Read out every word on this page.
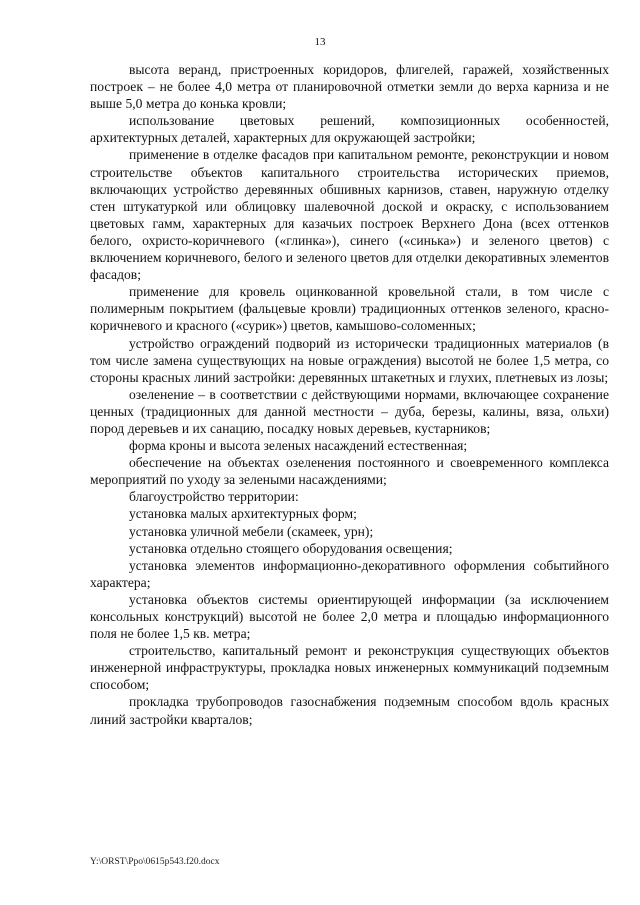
13

высота веранд, пристроенных коридоров, флигелей, гаражей, хозяйственных построек – не более 4,0 метра от планировочной отметки земли до верха карниза и не выше 5,0 метра до конька кровли;

использование цветовых решений, композиционных особенностей, архитектурных деталей, характерных для окружающей застройки;

применение в отделке фасадов при капитальном ремонте, реконструкции и новом строительстве объектов капитального строительства исторических приемов, включающих устройство деревянных обшивных карнизов, ставен, наружную отделку стен штукатуркой или облицовку шалевочной доской и окраску, с использованием цветовых гамм, характерных для казачьих построек Верхнего Дона (всех оттенков белого, охристо-коричневого («глинка»), синего («синька») и зеленого цветов) с включением коричневого, белого и зеленого цветов для отделки декоративных элементов фасадов;

применение для кровель оцинкованной кровельной стали, в том числе с полимерным покрытием (фальцевые кровли) традиционных оттенков зеленого, красно-коричневого и красного («сурик») цветов, камышово-соломенных;

устройство ограждений подворий из исторически традиционных материалов (в том числе замена существующих на новые ограждения) высотой не более 1,5 метра, со стороны красных линий застройки: деревянных штакетных и глухих, плетневых из лозы;

озеленение – в соответствии с действующими нормами, включающее сохранение ценных (традиционных для данной местности – дуба, березы, калины, вяза, ольхи) пород деревьев и их санацию, посадку новых деревьев, кустарников;

форма кроны и высота зеленых насаждений естественная;

обеспечение на объектах озеленения постоянного и своевременного комплекса мероприятий по уходу за зелеными насаждениями;

благоустройство территории:

установка малых архитектурных форм;

установка уличной мебели (скамеек, урн);

установка отдельно стоящего оборудования освещения;

установка элементов информационно-декоративного оформления событийного характера;

установка объектов системы ориентирующей информации (за исключением консольных конструкций) высотой не более 2,0 метра и площадью информационного поля не более 1,5 кв. метра;

строительство, капитальный ремонт и реконструкция существующих объектов инженерной инфраструктуры, прокладка новых инженерных коммуникаций подземным способом;

прокладка трубопроводов газоснабжения подземным способом вдоль красных линий застройки кварталов;

Y:\ORST\Ppo\0615p543.f20.docx
